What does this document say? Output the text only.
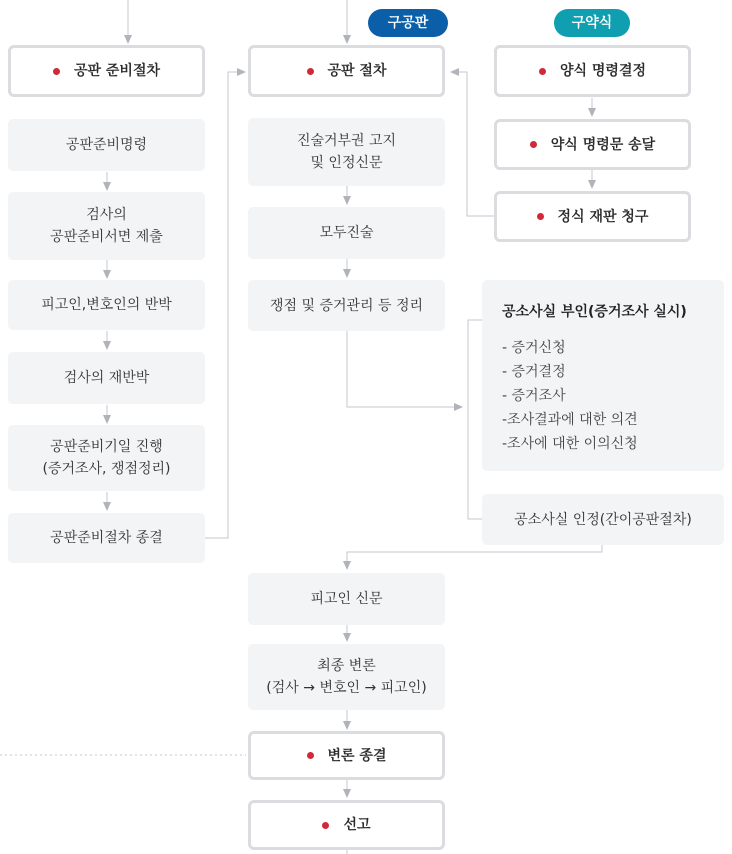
구공판	구약식
공판 준비절차
공판준비명령
검사의
공판준비서면 제출
피고인,변호인의 반박
검사의 재반박
공판준비기일 진행
(증거조사, 쟁점정리)
공판준비절차 종결
공판 절차
진술거부권 고지
및 인정신문
모두진술
쟁점 및 증거관리 등 정리
피고인 신문
최종 변론
(검사 → 변호인 → 피고인)
변론 종결
선고
양식 명령결정
약식 명령문 송달
정식 재판 청구
공소사실 부인(증거조사 실시)
- 증거신청
- 증거결정
- 증거조사
-조사결과에 대한 의견
-조사에 대한 이의신청
공소사실 인정(간이공판절차)
